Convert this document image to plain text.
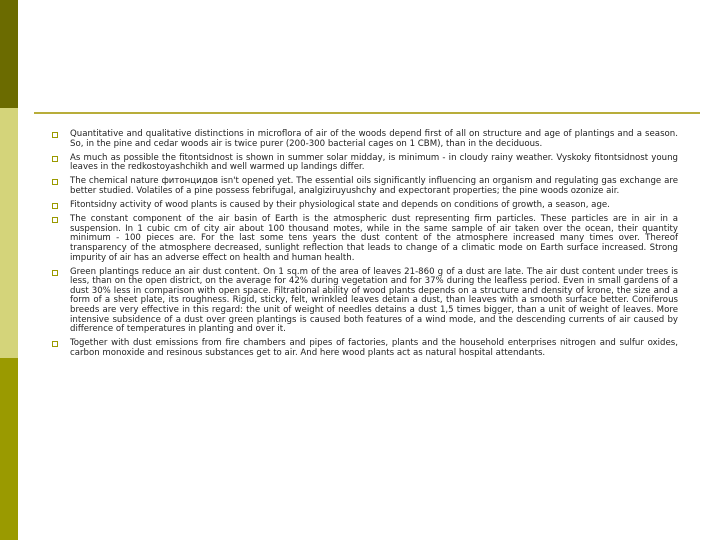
Quantitative and qualitative distinctions in microflora of air of the woods depend first of all on structure and age of plantings and a season. So, in the pine and cedar woods air is twice purer (200-300 bacterial cages on 1 CBM), than in the deciduous.
As much as possible the fitontsidnost is shown in summer solar midday, is minimum - in cloudy rainy weather. Vyskoky fitontsidnost young leaves in the redkostoyashchikh and well warmed up landings differ.
The chemical nature фитонцидов isn't opened yet. The essential oils significantly influencing an organism and regulating gas exchange are better studied. Volatiles of a pine possess febrifugal, analgiziruyushchy and expectorant properties; the pine woods ozonize air.
Fitontsidny activity of wood plants is caused by their physiological state and depends on conditions of growth, a season, age.
The constant component of the air basin of Earth is the atmospheric dust representing firm particles. These particles are in air in a suspension. In 1 cubic cm of city air about 100 thousand motes, while in the same sample of air taken over the ocean, their quantity minimum - 100 pieces are. For the last some tens years the dust content of the atmosphere increased many times over. Thereof transparency of the atmosphere decreased, sunlight reflection that leads to change of a climatic mode on Earth surface increased. Strong impurity of air has an adverse effect on health and human health.
Green plantings reduce an air dust content. On 1 sq.m of the area of leaves 21-860 g of a dust are late. The air dust content under trees is less, than on the open district, on the average for 42% during vegetation and for 37% during the leafless period. Even in small gardens of a dust 30% less in comparison with open space. Filtrational ability of wood plants depends on a structure and density of krone, the size and a form of a sheet plate, its roughness. Rigid, sticky, felt, wrinkled leaves detain a dust, than leaves with a smooth surface better. Coniferous breeds are very effective in this regard: the unit of weight of needles detains a dust 1,5 times bigger, than a unit of weight of leaves. More intensive subsidence of a dust over green plantings is caused both features of a wind mode, and the descending currents of air caused by difference of temperatures in planting and over it.
Together with dust emissions from fire chambers and pipes of factories, plants and the household enterprises nitrogen and sulfur oxides, carbon monoxide and resinous substances get to air. And here wood plants act as natural hospital attendants.
